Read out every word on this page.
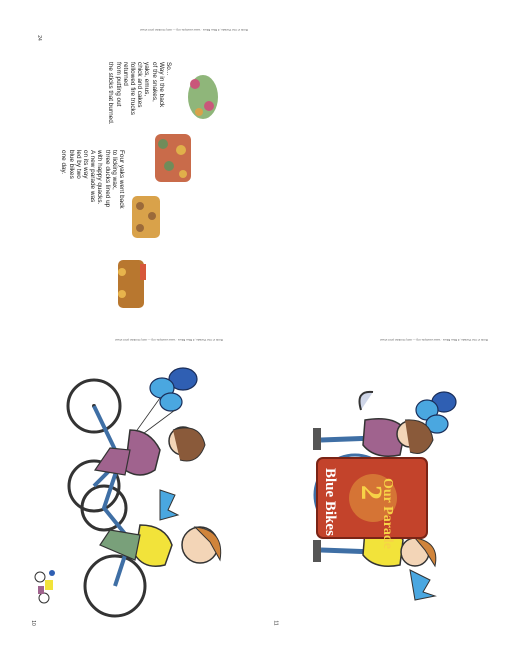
24
Book 2: Our Parade, 2 Blue Bikes · www.example.org — story booklet print sheet
So...
Way in the back
of the snakes,
yaks, emus,
chick and cakes
followed fire trucks
returned
from putting out
the sticks that burned.
Four yaks went back
to licking wax,
three ducks lined up
with happy quacks.
A new parade was
on its way
led by two
blue bikes
one day.
Book 2: Our Parade, 2 Blue Bikes · www.example.org — story booklet print sheet	Book 2: Our Parade, 2 Blue Bikes · www.example.org — story booklet print sheet
10
Our Parade
2
Blue Bikes
11
